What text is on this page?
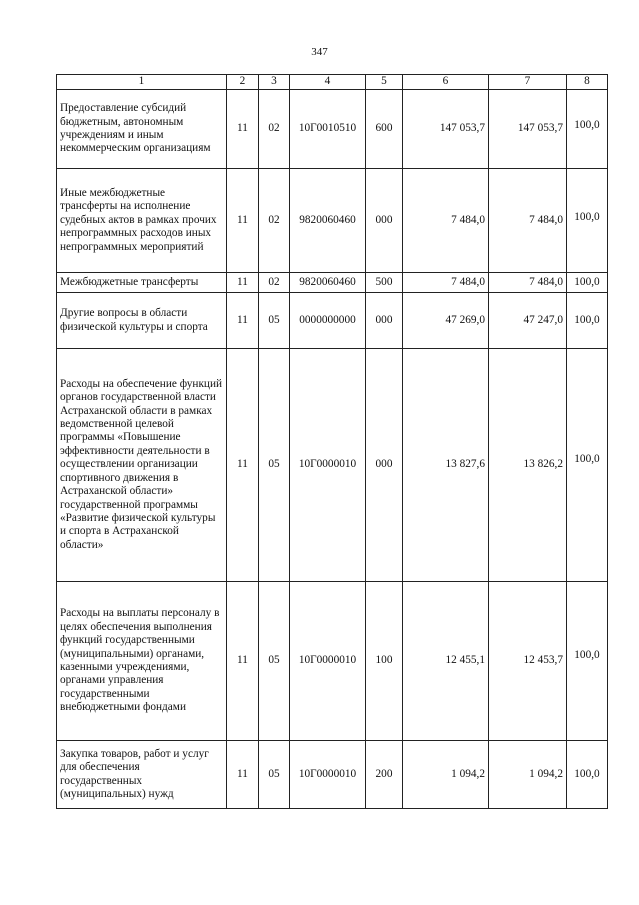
347
1	2	3	4	5	6	7	8
Предоставление субсидий бюджетным, автономным учреждениям и иным некоммерческим организациям	11	02	10Г0010510	600	147 053,7	147 053,7	100,0
Иные межбюджетные трансферты на исполнение судебных актов в рамках прочих непрограммных расходов иных непрограммных мероприятий	11	02	9820060460	000	7 484,0	7 484,0	100,0
Межбюджетные трансферты	11	02	9820060460	500	7 484,0	7 484,0	100,0
Другие вопросы в области физической культуры и спорта	11	05	0000000000	000	47 269,0	47 247,0	100,0
Расходы на обеспечение функций органов государственной власти Астраханской области в рамках ведомственной целевой программы «Повышение эффективности деятельности в осуществлении организации спортивного движения в Астраханской области» государственной программы «Развитие физической культуры и спорта в Астраханской области»	11	05	10Г0000010	000	13 827,6	13 826,2	100,0
Расходы на выплаты персоналу в целях обеспечения выполнения функций государственными (муниципальными) органами, казенными учреждениями, органами управления государственными внебюджетными фондами	11	05	10Г0000010	100	12 455,1	12 453,7	100,0
Закупка товаров, работ и услуг для обеспечения государственных (муниципальных) нужд	11	05	10Г0000010	200	1 094,2	1 094,2	100,0
